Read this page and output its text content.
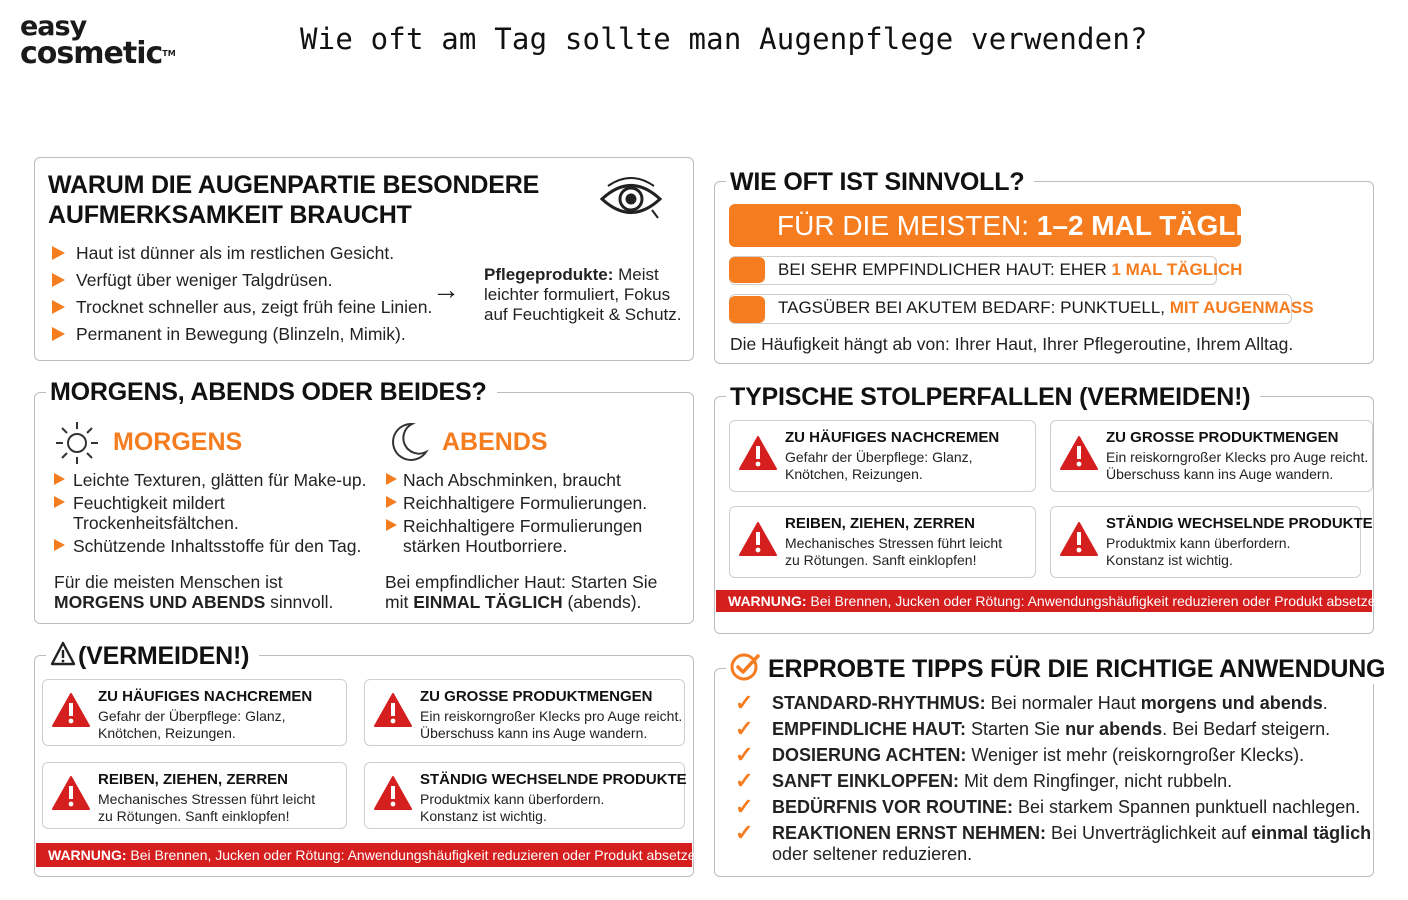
easy
cosmetic™	Wie oft am Tag sollte man Augenpflege verwenden?
WARUM DIE AUGENPARTIE BESONDERE
AUFMERKSAMKEIT BRAUCHT
Haut ist dünner als im restlichen Gesicht.
Verfügt über weniger Talgdrüsen.
Trocknet schneller aus, zeigt früh feine Linien.
Permanent in Bewegung (Blinzeln, Mimik).
→ Pflegeprodukte: Meist
leichter formuliert, Fokus
auf Feuchtigkeit & Schutz.
WIE OFT IST SINNVOLL?
FÜR DIE MEISTEN: 1–2 MAL TÄGLICH
BEI SEHR EMPFINDLICHER HAUT: EHER 1 MAL TÄGLICH
TAGSÜBER BEI AKUTEM BEDARF: PUNKTUELL, MIT AUGENMASS
Die Häufigkeit hängt ab von: Ihrer Haut, Ihrer Pflegeroutine, Ihrem Alltag.
MORGENS, ABENDS ODER BEIDES?
MORGENS
Leichte Texturen, glätten für Make-up.
Feuchtigkeit mildert
Trockenheitsfältchen.
Schützende Inhaltsstoffe für den Tag.
Für die meisten Menschen ist
MORGENS UND ABENDS sinnvoll.
ABENDS
Nach Abschminken, braucht
Reichhaltigere Formulierungen.
Reichhaltigere Formulierungen
stärken Houtborriere.
Bei empfindlicher Haut: Starten Sie
mit EINMAL TÄGLICH (abends).
TYPISCHE STOLPERFALLEN (VERMEIDEN!)
ZU HÄUFIGES NACHCREMEN
Gefahr der Überpflege: Glanz,
Knötchen, Reizungen.
ZU GROSSE PRODUKTMENGEN
Ein reiskorngroßer Klecks pro Auge reicht.
Überschuss kann ins Auge wandern.
REIBEN, ZIEHEN, ZERREN
Mechanisches Stressen führt leicht
zu Rötungen. Sanft einklopfen!
STÄNDIG WECHSELNDE PRODUKTE
Produktmix kann überfordern.
Konstanz ist wichtig.
WARNUNG: Bei Brennen, Jucken oder Rötung: Anwendungshäufigkeit reduzieren oder Produkt absetzen.
(VERMEIDEN!)
ZU HÄUFIGES NACHCREMEN
Gefahr der Überpflege: Glanz,
Knötchen, Reizungen.
ZU GROSSE PRODUKTMENGEN
Ein reiskorngroßer Klecks pro Auge reicht.
Überschuss kann ins Auge wandern.
REIBEN, ZIEHEN, ZERREN
Mechanisches Stressen führt leicht
zu Rötungen. Sanft einklopfen!
STÄNDIG WECHSELNDE PRODUKTE
Produktmix kann überfordern.
Konstanz ist wichtig.
WARNUNG: Bei Brennen, Jucken oder Rötung: Anwendungshäufigkeit reduzieren oder Produkt absetzen.
ERPROBTE TIPPS FÜR DIE RICHTIGE ANWENDUNG
✓ STANDARD-RHYTHMUS: Bei normaler Haut morgens und abends.
✓ EMPFINDLICHE HAUT: Starten Sie nur abends. Bei Bedarf steigern.
✓ DOSIERUNG ACHTEN: Weniger ist mehr (reiskorngroßer Klecks).
✓ SANFT EINKLOPFEN: Mit dem Ringfinger, nicht rubbeln.
✓ BEDÜRFNIS VOR ROUTINE: Bei starkem Spannen punktuell nachlegen.
✓ REAKTIONEN ERNST NEHMEN: Bei Unverträglichkeit auf einmal täglich
oder seltener reduzieren.
